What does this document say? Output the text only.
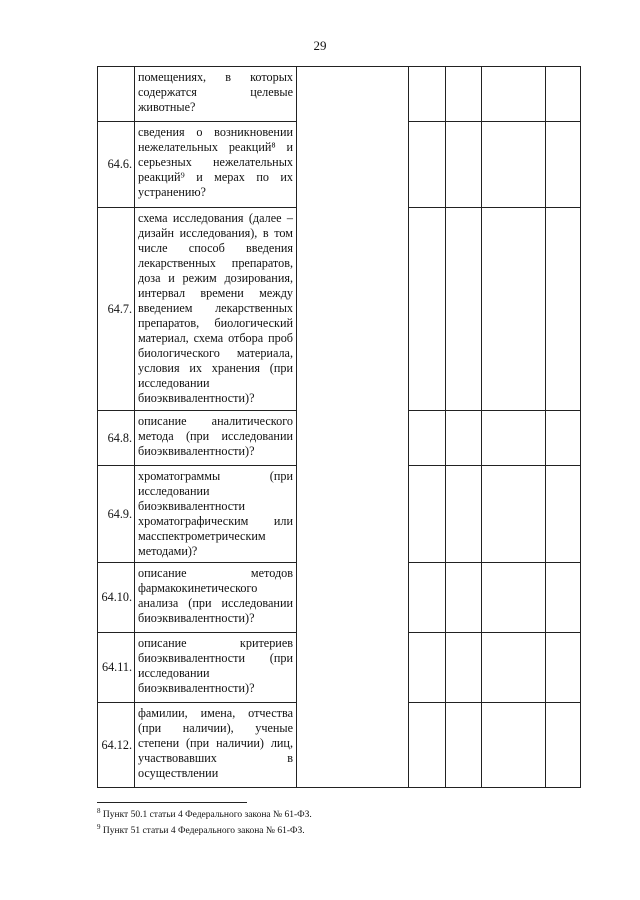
29

	помещениях, в которых содержатся целевые животные?					

64.6.	сведения о возникновении нежелательных реакций⁸ и серьезных нежелательных реакций⁹ и мерах по их устранению?					

64.7.	схема исследования (далее – дизайн исследования), в том числе способ введения лекарственных препаратов, доза и режим дозирования, интервал времени между введением лекарственных препаратов, биологический материал, схема отбора проб биологического материала, условия их хранения (при исследовании биоэквивалентности)?					

64.8.	описание аналитического метода (при исследовании биоэквивалентности)?					

64.9.	хроматограммы (при исследовании биоэквивалентности хроматографическим или масспектрометрическим методами)?					

64.10.	описание методов фармакокинетического анализа (при исследовании биоэквивалентности)?					

64.11.	описание критериев биоэквивалентности (при исследовании биоэквивалентности)?					

64.12.	фамилии, имена, отчества (при наличии), ученые степени (при наличии) лиц, участвовавших в осуществлении					

$^8$ Пункт 50.1 статьи 4 Федерального закона № 61-ФЗ.
$^9$ Пункт 51 статьи 4 Федерального закона № 61-ФЗ.
